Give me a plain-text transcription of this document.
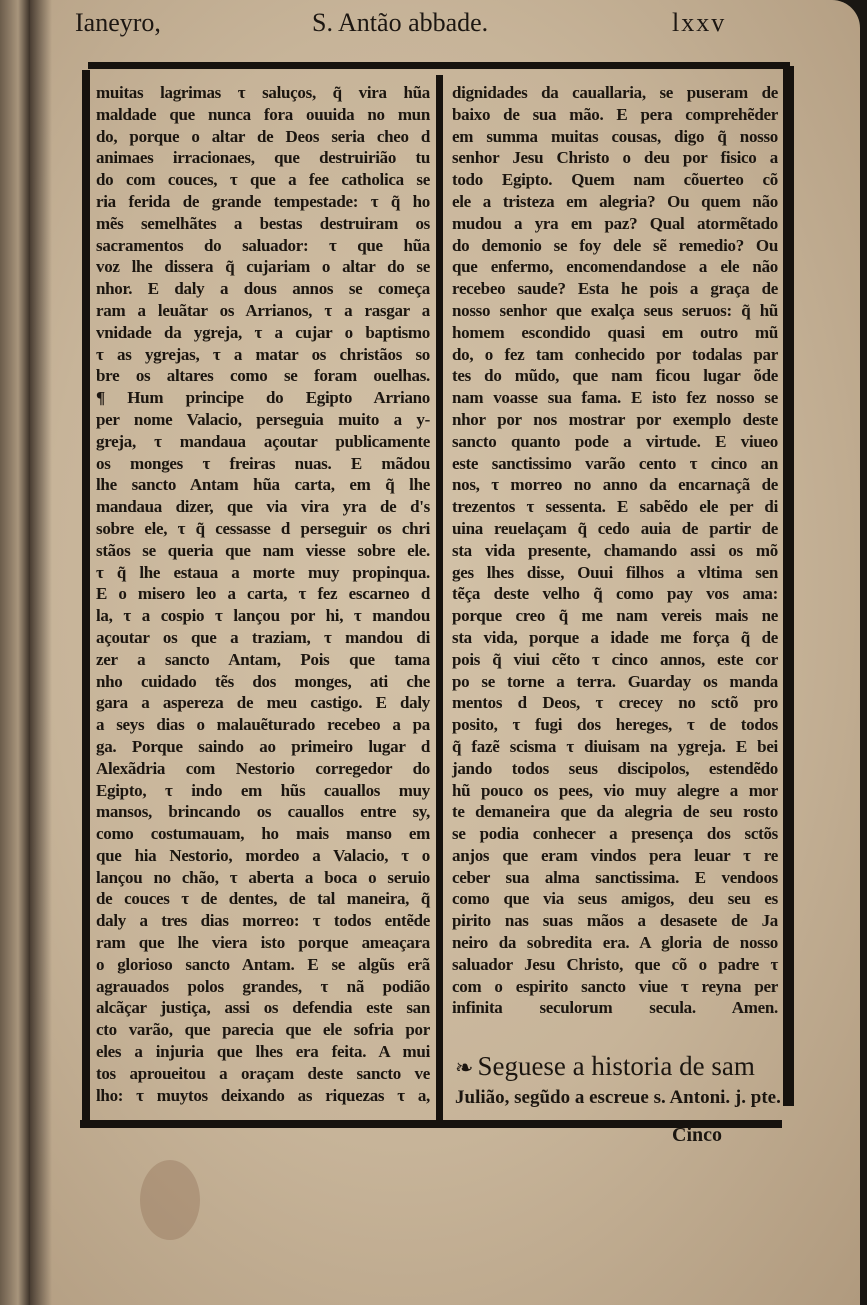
Ianeyro,	S. Antão abbade.	lxxv
muitas lagrimas τ saluços, q̃ vira hũa
maldade que nunca fora ouuida no mun
do, porque o altar de Deos seria cheo d
animaes irracionaes, que destruirião tu
do com couces, τ que a fee catholica se
ria ferida de grande tempestade: τ q̃ ho
mẽs semelhãtes a bestas destruiram os
sacramentos do saluador: τ que hũa
voz lhe dissera q̃ cujariam o altar do se
nhor. E daly a dous annos se começa
ram a leuãtar os Arrianos, τ a rasgar a
vnidade da ygreja, τ a cujar o baptismo
τ as ygrejas, τ a matar os christãos so
bre os altares como se foram ouelhas.
¶ Hum principe do Egipto Arriano
per nome Valacio, perseguia muito a y-
greja, τ mandaua açoutar publicamente
os monges τ freiras nuas. E mãdou
lhe sancto Antam hũa carta, em q̃ lhe
mandaua dizer, que via vira yra de d's
sobre ele, τ q̃ cessasse d perseguir os chri
stãos se queria que nam viesse sobre ele.
τ q̃ lhe estaua a morte muy propinqua.
E o misero leo a carta, τ fez escarneo d
la, τ a cospio τ lançou por hi, τ mandou
açoutar os que a traziam, τ mandou di
zer a sancto Antam, Pois que tama
nho cuidado tẽs dos monges, ati che
gara a aspereza de meu castigo. E daly
a seys dias o malauẽturado recebeo a pa
ga. Porque saindo ao primeiro lugar d
Alexãdria com Nestorio corregedor do
Egipto, τ indo em hũs cauallos muy
mansos, brincando os cauallos entre sy,
como costumauam, ho mais manso em
que hia Nestorio, mordeo a Valacio, τ o
lançou no chão, τ aberta a boca o seruio
de couces τ de dentes, de tal maneira, q̃
daly a tres dias morreo: τ todos entẽde
ram que lhe viera isto porque ameaçara
o glorioso sancto Antam. E se algũs erã
agrauados polos grandes, τ nã podião
alcãçar justiça, assi os defendia este san
cto varão, que parecia que ele sofria por
eles a injuria que lhes era feita. A mui
tos aproueitou a oraçam deste sancto ve
lho: τ muytos deixando as riquezas τ a,
dignidades da cauallaria, se puseram de
baixo de sua mão. E pera comprehẽder
em summa muitas cousas, digo q̃ nosso
senhor Jesu Christo o deu por fisico a
todo Egipto. Quem nam cõuerteo cõ
ele a tristeza em alegria? Ou quem não
mudou a yra em paz? Qual atormẽtado
do demonio se foy dele sẽ remedio? Ou
que enfermo, encomendandose a ele não
recebeo saude? Esta he pois a graça de
nosso senhor que exalça seus seruos: q̃ hũ
homem escondido quasi em outro mũ
do, o fez tam conhecido por todalas par
tes do mũdo, que nam ficou lugar õde
nam voasse sua fama. E isto fez nosso se
nhor por nos mostrar por exemplo deste
sancto quanto pode a virtude. E viueo
este sanctissimo varão cento τ cinco an
nos, τ morreo no anno da encarnaçã de
trezentos τ sessenta. E sabẽdo ele per di
uina reuelaçam q̃ cedo auia de partir de
sta vida presente, chamando assi os mõ
ges lhes disse, Ouui filhos a vltima sen
tẽça deste velho q̃ como pay vos ama:
porque creo q̃ me nam vereis mais ne
sta vida, porque a idade me força q̃ de
pois q̃ viui cẽto τ cinco annos, este cor
po se torne a terra. Guarday os manda
mentos d Deos, τ crecey no sctõ pro
posito, τ fugi dos hereges, τ de todos
q̃ fazẽ scisma τ diuisam na ygreja. E bei
jando todos seus discipolos, estendẽdo
hũ pouco os pees, vio muy alegre a mor
te demaneira que da alegria de seu rosto
se podia conhecer a presença dos sctõs
anjos que eram vindos pera leuar τ re
ceber sua alma sanctissima. E vendoos
como que via seus amigos, deu seu es
pirito nas suas mãos a desasete de Ja
neiro da sobredita era. A gloria de nosso
saluador Jesu Christo, que cõ o padre τ
com o espirito sancto viue τ reyna per
infinita seculorum secula. Amen.
❧ Seguese a historia de sam
Julião, segũdo a escreue s. Antoni. j. pte.
Cinco
